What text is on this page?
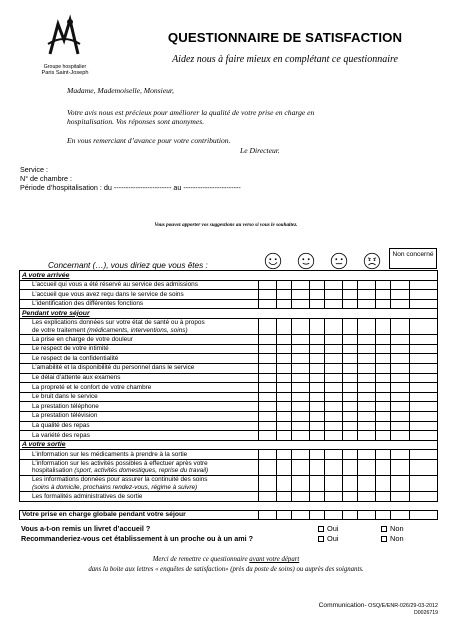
Groupe hospitalier
Paris Saint-Joseph
QUESTIONNAIRE DE SATISFACTION
Aidez nous à faire mieux en complétant ce questionnaire
Madame, Mademoiselle, Monsieur,
Votre avis nous est précieux pour améliorer la qualité de votre prise en charge en hospitalisation. Vos réponses sont anonymes.
En vous remerciant d’avance pour votre contribution.
Le Directeur.
Service :
N° de chambre :
Période d’hospitalisation : du ------------------------ au ------------------------
Vous pouvez apporter vos suggestions au verso si vous le souhaitez.
Concernant (…), vous diriez que vous êtes :
Non concerné
A votre arrivée										
L’accueil qui vous a été réservé au service des admissions										
L’accueil que vous avez reçu dans le service de soins										
L’identification des différentes fonctions										
Pendant votre séjour										
Les explications données sur votre état de santé ou à propos
de votre traitement (médicaments, interventions, soins)										
La prise en charge de votre douleur										
Le respect de votre intimité										
Le respect de la confidentialité										
L’amabilité et la disponibilité du personnel dans le service										
Le délai d’attente aux examens										
La propreté et le confort de votre chambre										
Le bruit dans le service										
La prestation téléphone										
La prestation télévision										
La qualité des repas										
La variété des repas										
A votre sortie										
L’information sur les médicaments à prendre à la sortie										
L’information sur les activités possibles à effectuer après votre
hospitalisation (sport, activités domestiques, reprise du travail)										
Les informations données pour assurer la continuité des soins
(soins à domicile, prochains rendez-vous, régime à suivre)										
Les formalités administratives de sortie										

Votre prise en charge globale pendant votre séjour										
Vous a-t-on remis un livret d’accueil ?	Oui	Non
Recommanderiez-vous cet établissement à un proche ou à un ami ?	Oui	Non
Merci de remettre ce questionnaire avant votre départ
dans la boite aux lettres « enquêtes de satisfaction» (près du poste de soins) ou auprès des soignants.
Communication- OSQ/E/ENR-026/29-03-2012
D0026719
